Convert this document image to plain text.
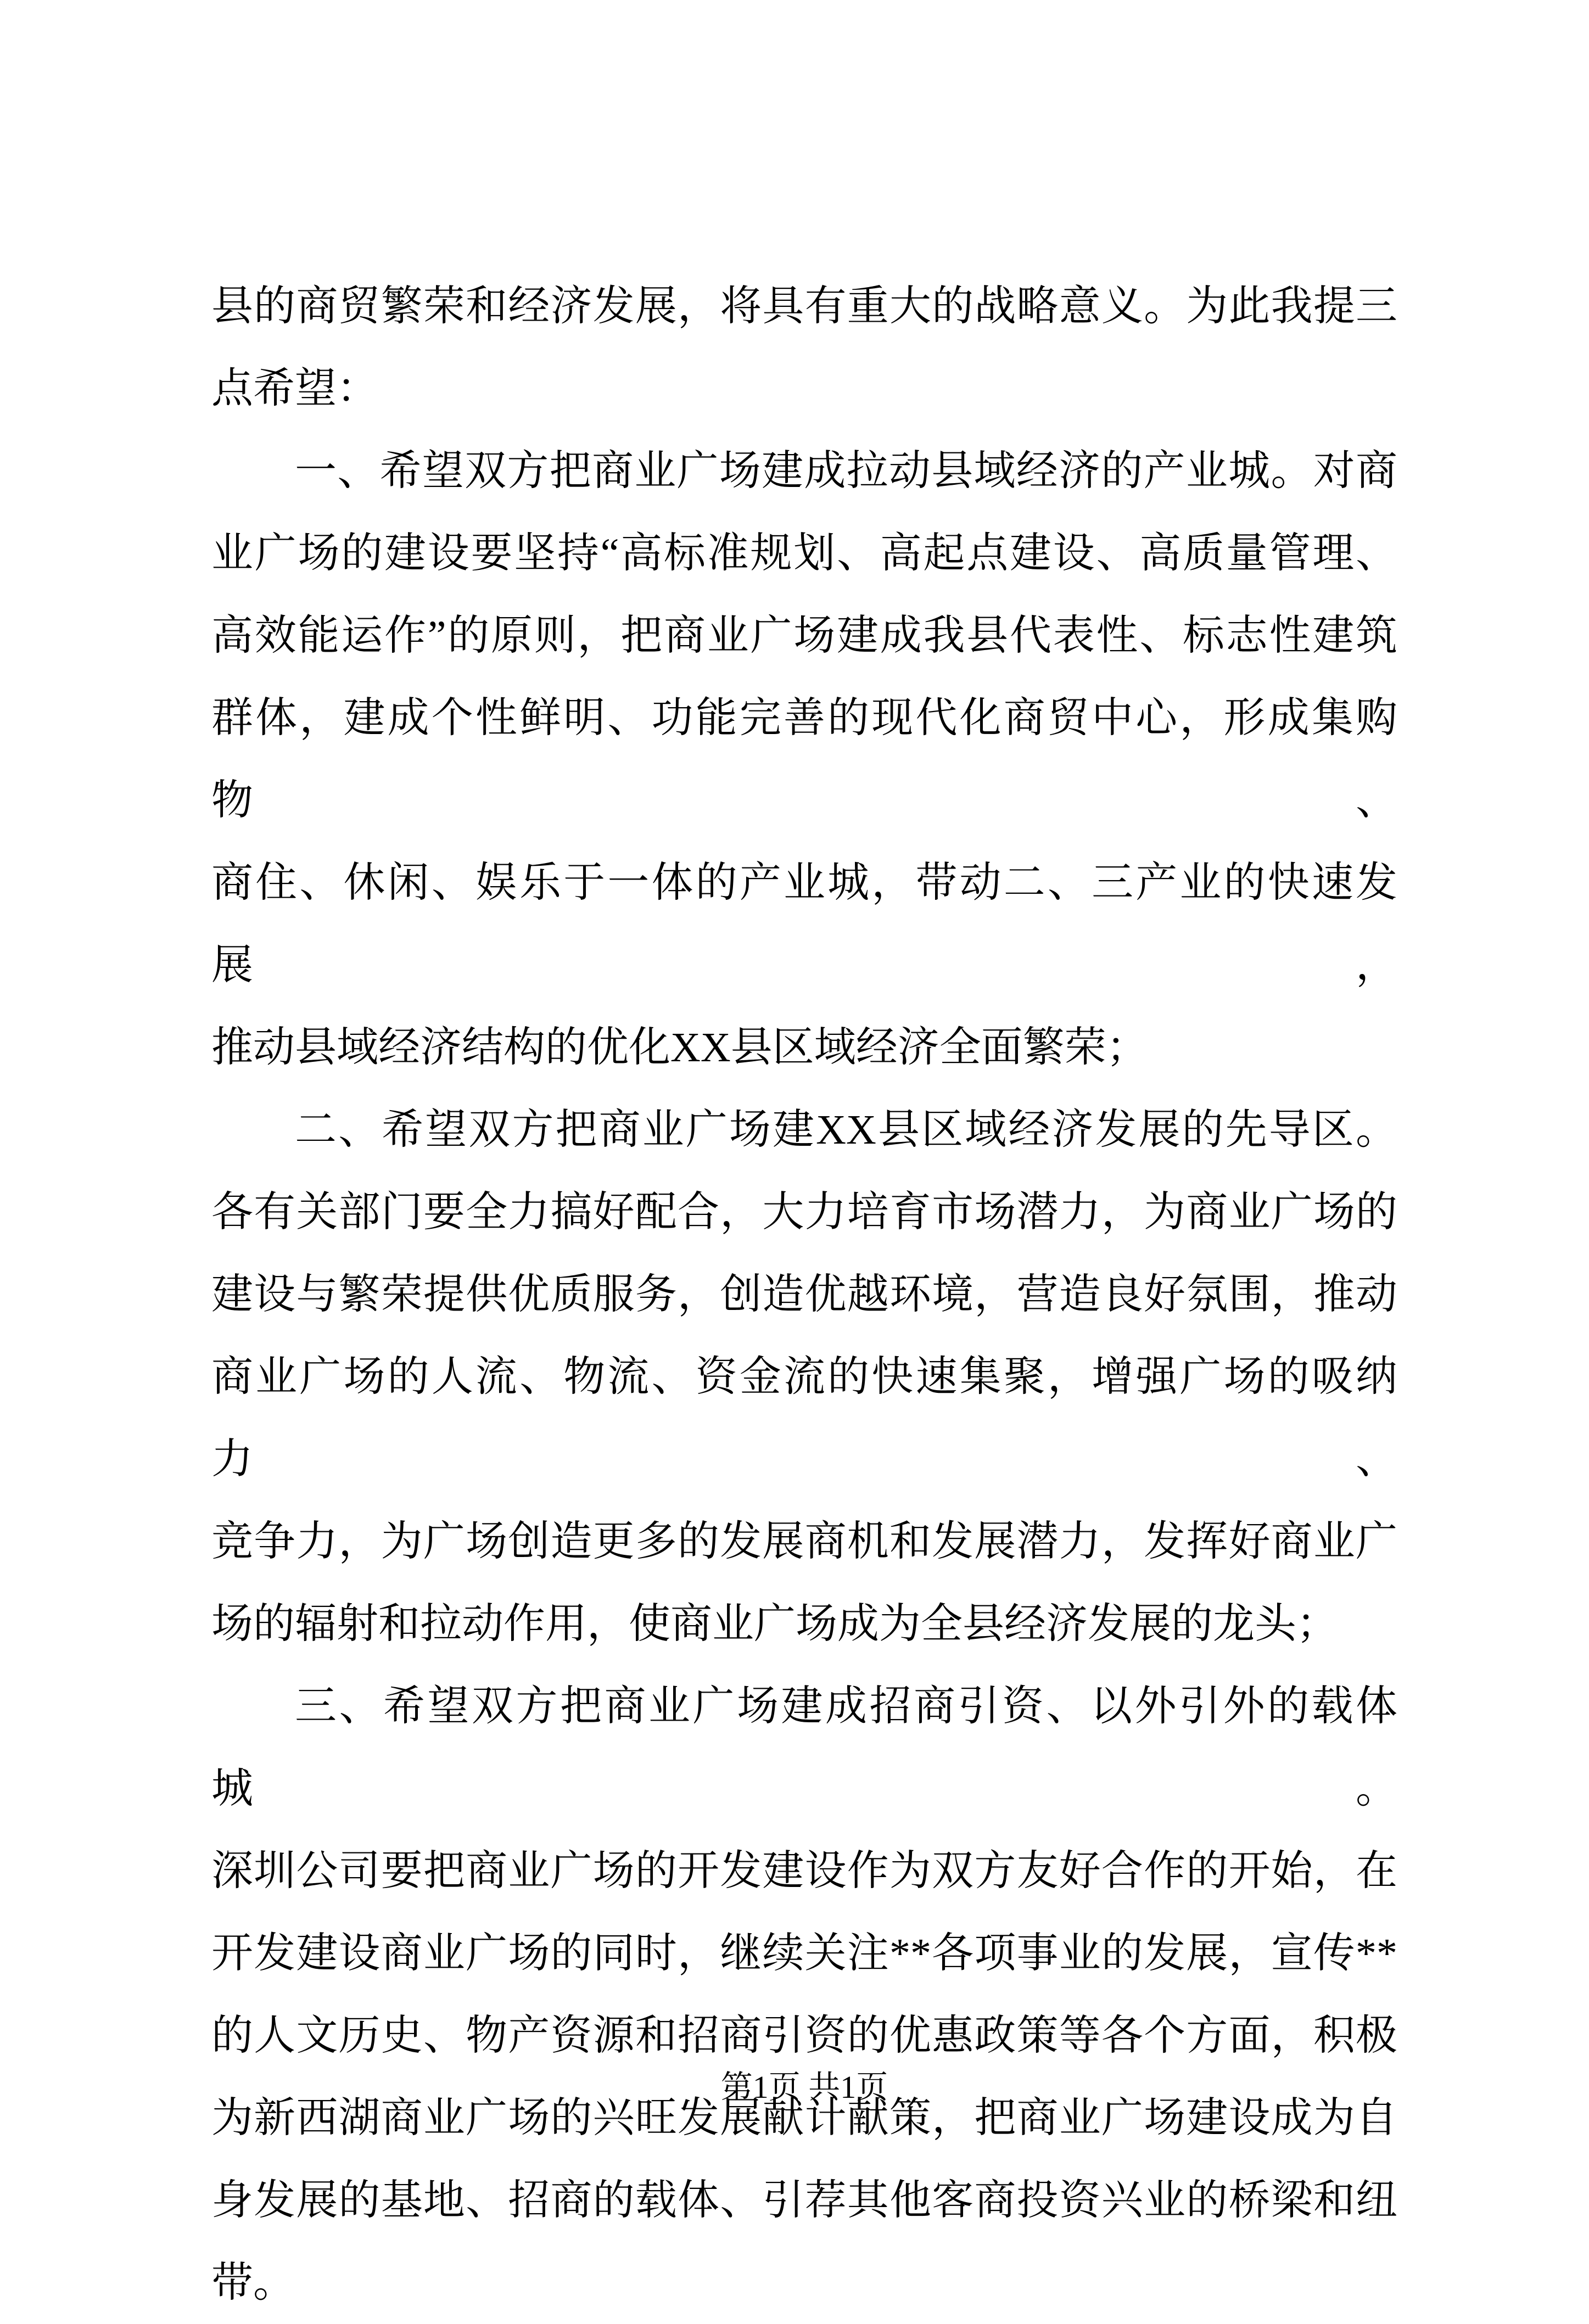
县的商贸繁荣和经济发展，将具有重大的战略意义。为此我提三
点希望：

一、希望双方把商业广场建成拉动县域经济的产业城。对商
业广场的建设要坚持“高标准规划、高起点建设、高质量管理、
高效能运作”的原则，把商业广场建成我县代表性、标志性建筑
群体，建成个性鲜明、功能完善的现代化商贸中心，形成集购物、
商住、休闲、娱乐于一体的产业城，带动二、三产业的快速发展，
推动县域经济结构的优化XX县区域经济全面繁荣；

二、希望双方把商业广场建XX县区域经济发展的先导区。
各有关部门要全力搞好配合，大力培育市场潜力，为商业广场的
建设与繁荣提供优质服务，创造优越环境，营造良好氛围，推动
商业广场的人流、物流、资金流的快速集聚，增强广场的吸纳力、
竞争力，为广场创造更多的发展商机和发展潜力，发挥好商业广
场的辐射和拉动作用，使商业广场成为全县经济发展的龙头；

三、希望双方把商业广场建成招商引资、以外引外的载体城。
深圳公司要把商业广场的开发建设作为双方友好合作的开始，在
开发建设商业广场的同时，继续关注**各项事业的发展，宣传**
的人文历史、物产资源和招商引资的优惠政策等各个方面，积极
为新西湖商业广场的兴旺发展献计献策，把商业广场建设成为自
身发展的基地、招商的载体、引荐其他客商投资兴业的桥梁和纽
带。

第1页 共1页
